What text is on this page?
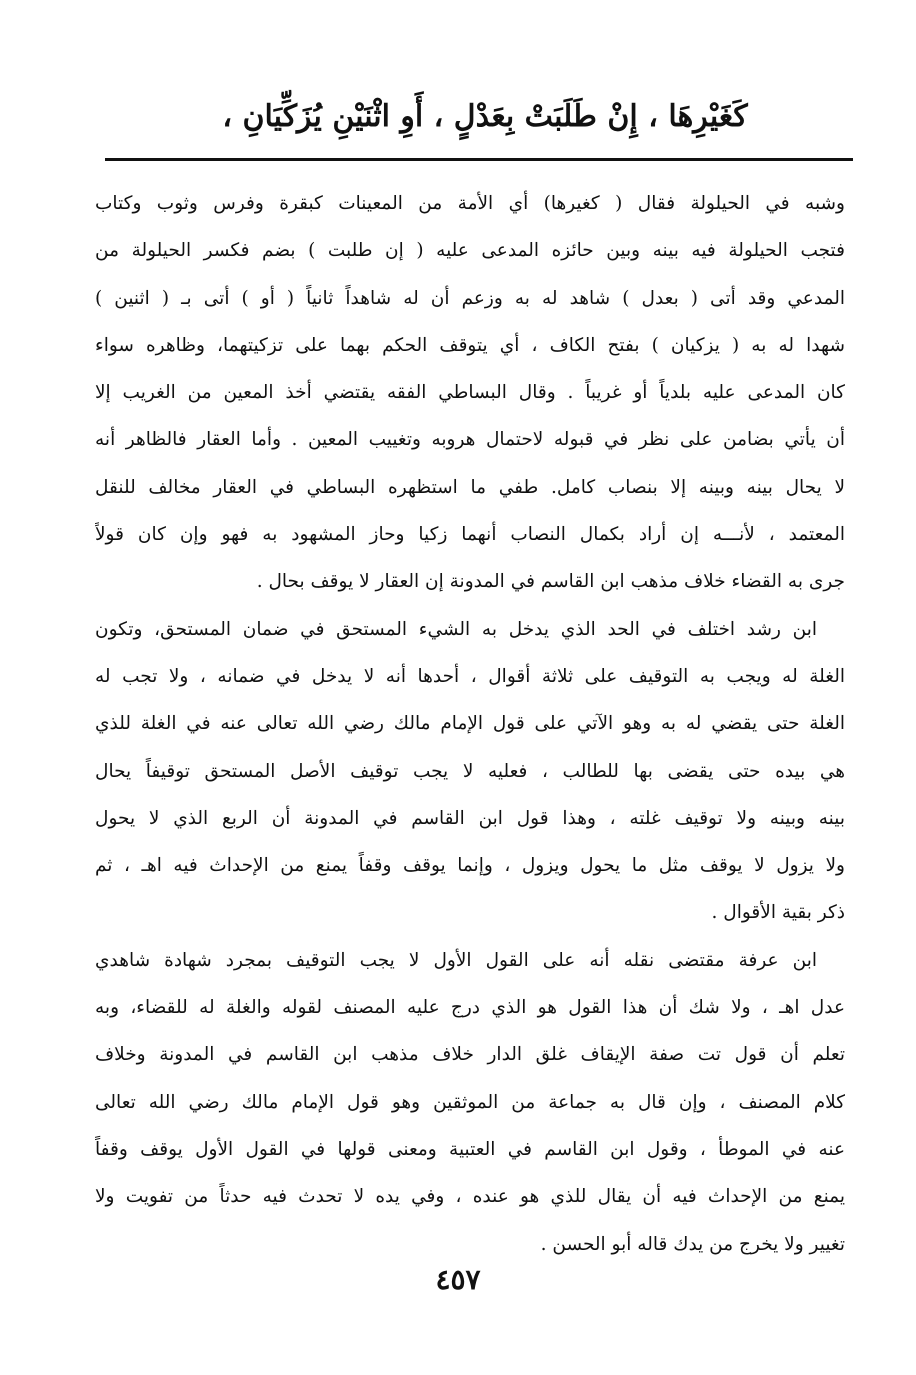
كَغَيْرِهَا ، إِنْ طَلَبَتْ بِعَدْلٍ ، أَوِ اثْنَيْنِ يُزَكِّيَانِ ،
وشبه في الحيلولة فقال ( كغيرها) أي الأمة من المعينات كبقرة وفرس وثوب وكتاب
فتجب الحيلولة فيه بينه وبين حائزه المدعى عليه ( إن طلبت ) بضم فكسر الحيلولة من
المدعي وقد أتى ( بعدل ) شاهد له به وزعم أن له شاهداً ثانياً ( أو ) أتى بـ ( اثنين )
شهدا له به ( يزكيان ) بفتح الكاف ، أي يتوقف الحكم بهما على تزكيتهما، وظاهره سواء
كان المدعى عليه بلدياً أو غريباً . وقال البساطي الفقه يقتضي أخذ المعين من الغريب إلا
أن يأتي بضامن على نظر في قبوله لاحتمال هروبه وتغييب المعين . وأما العقار فالظاهر أنه
لا يحال بينه وبينه إلا بنصاب كامل. طفي ما استظهره البساطي في العقار مخالف للنقل
المعتمد ، لأنـــه إن أراد بكمال النصاب أنهما زكيا وحاز المشهود به فهو وإن كان قولاً
جرى به القضاء خلاف مذهب ابن القاسم في المدونة إن العقار لا يوقف بحال .
ابن رشد اختلف في الحد الذي يدخل به الشيء المستحق في ضمان المستحق، وتكون
الغلة له ويجب به التوقيف على ثلاثة أقوال ، أحدها أنه لا يدخل في ضمانه ، ولا تجب له
الغلة حتى يقضي له به وهو الآتي على قول الإمام مالك رضي الله تعالى عنه في الغلة للذي
هي بيده حتى يقضى بها للطالب ، فعليه لا يجب توقيف الأصل المستحق توقيفاً يحال
بينه وبينه ولا توقيف غلته ، وهذا قول ابن القاسم في المدونة أن الربع الذي لا يحول
ولا يزول لا يوقف مثل ما يحول ويزول ، وإنما يوقف وقفاً يمنع من الإحداث فيه اهـ ، ثم
ذكر بقية الأقوال .
ابن عرفة مقتضى نقله أنه على القول الأول لا يجب التوقيف بمجرد شهادة شاهدي
عدل اهـ ، ولا شك أن هذا القول هو الذي درج عليه المصنف لقوله والغلة له للقضاء، وبه
تعلم أن قول تت صفة الإيقاف غلق الدار خلاف مذهب ابن القاسم في المدونة وخلاف
كلام المصنف ، وإن قال به جماعة من الموثقين وهو قول الإمام مالك رضي الله تعالى
عنه في الموطأ ، وقول ابن القاسم في العتبية ومعنى قولها في القول الأول يوقف وقفاً
يمنع من الإحداث فيه أن يقال للذي هو عنده ، وفي يده لا تحدث فيه حدثاً من تفويت ولا
تغيير ولا يخرج من يدك قاله أبو الحسن .
٤٥٧
